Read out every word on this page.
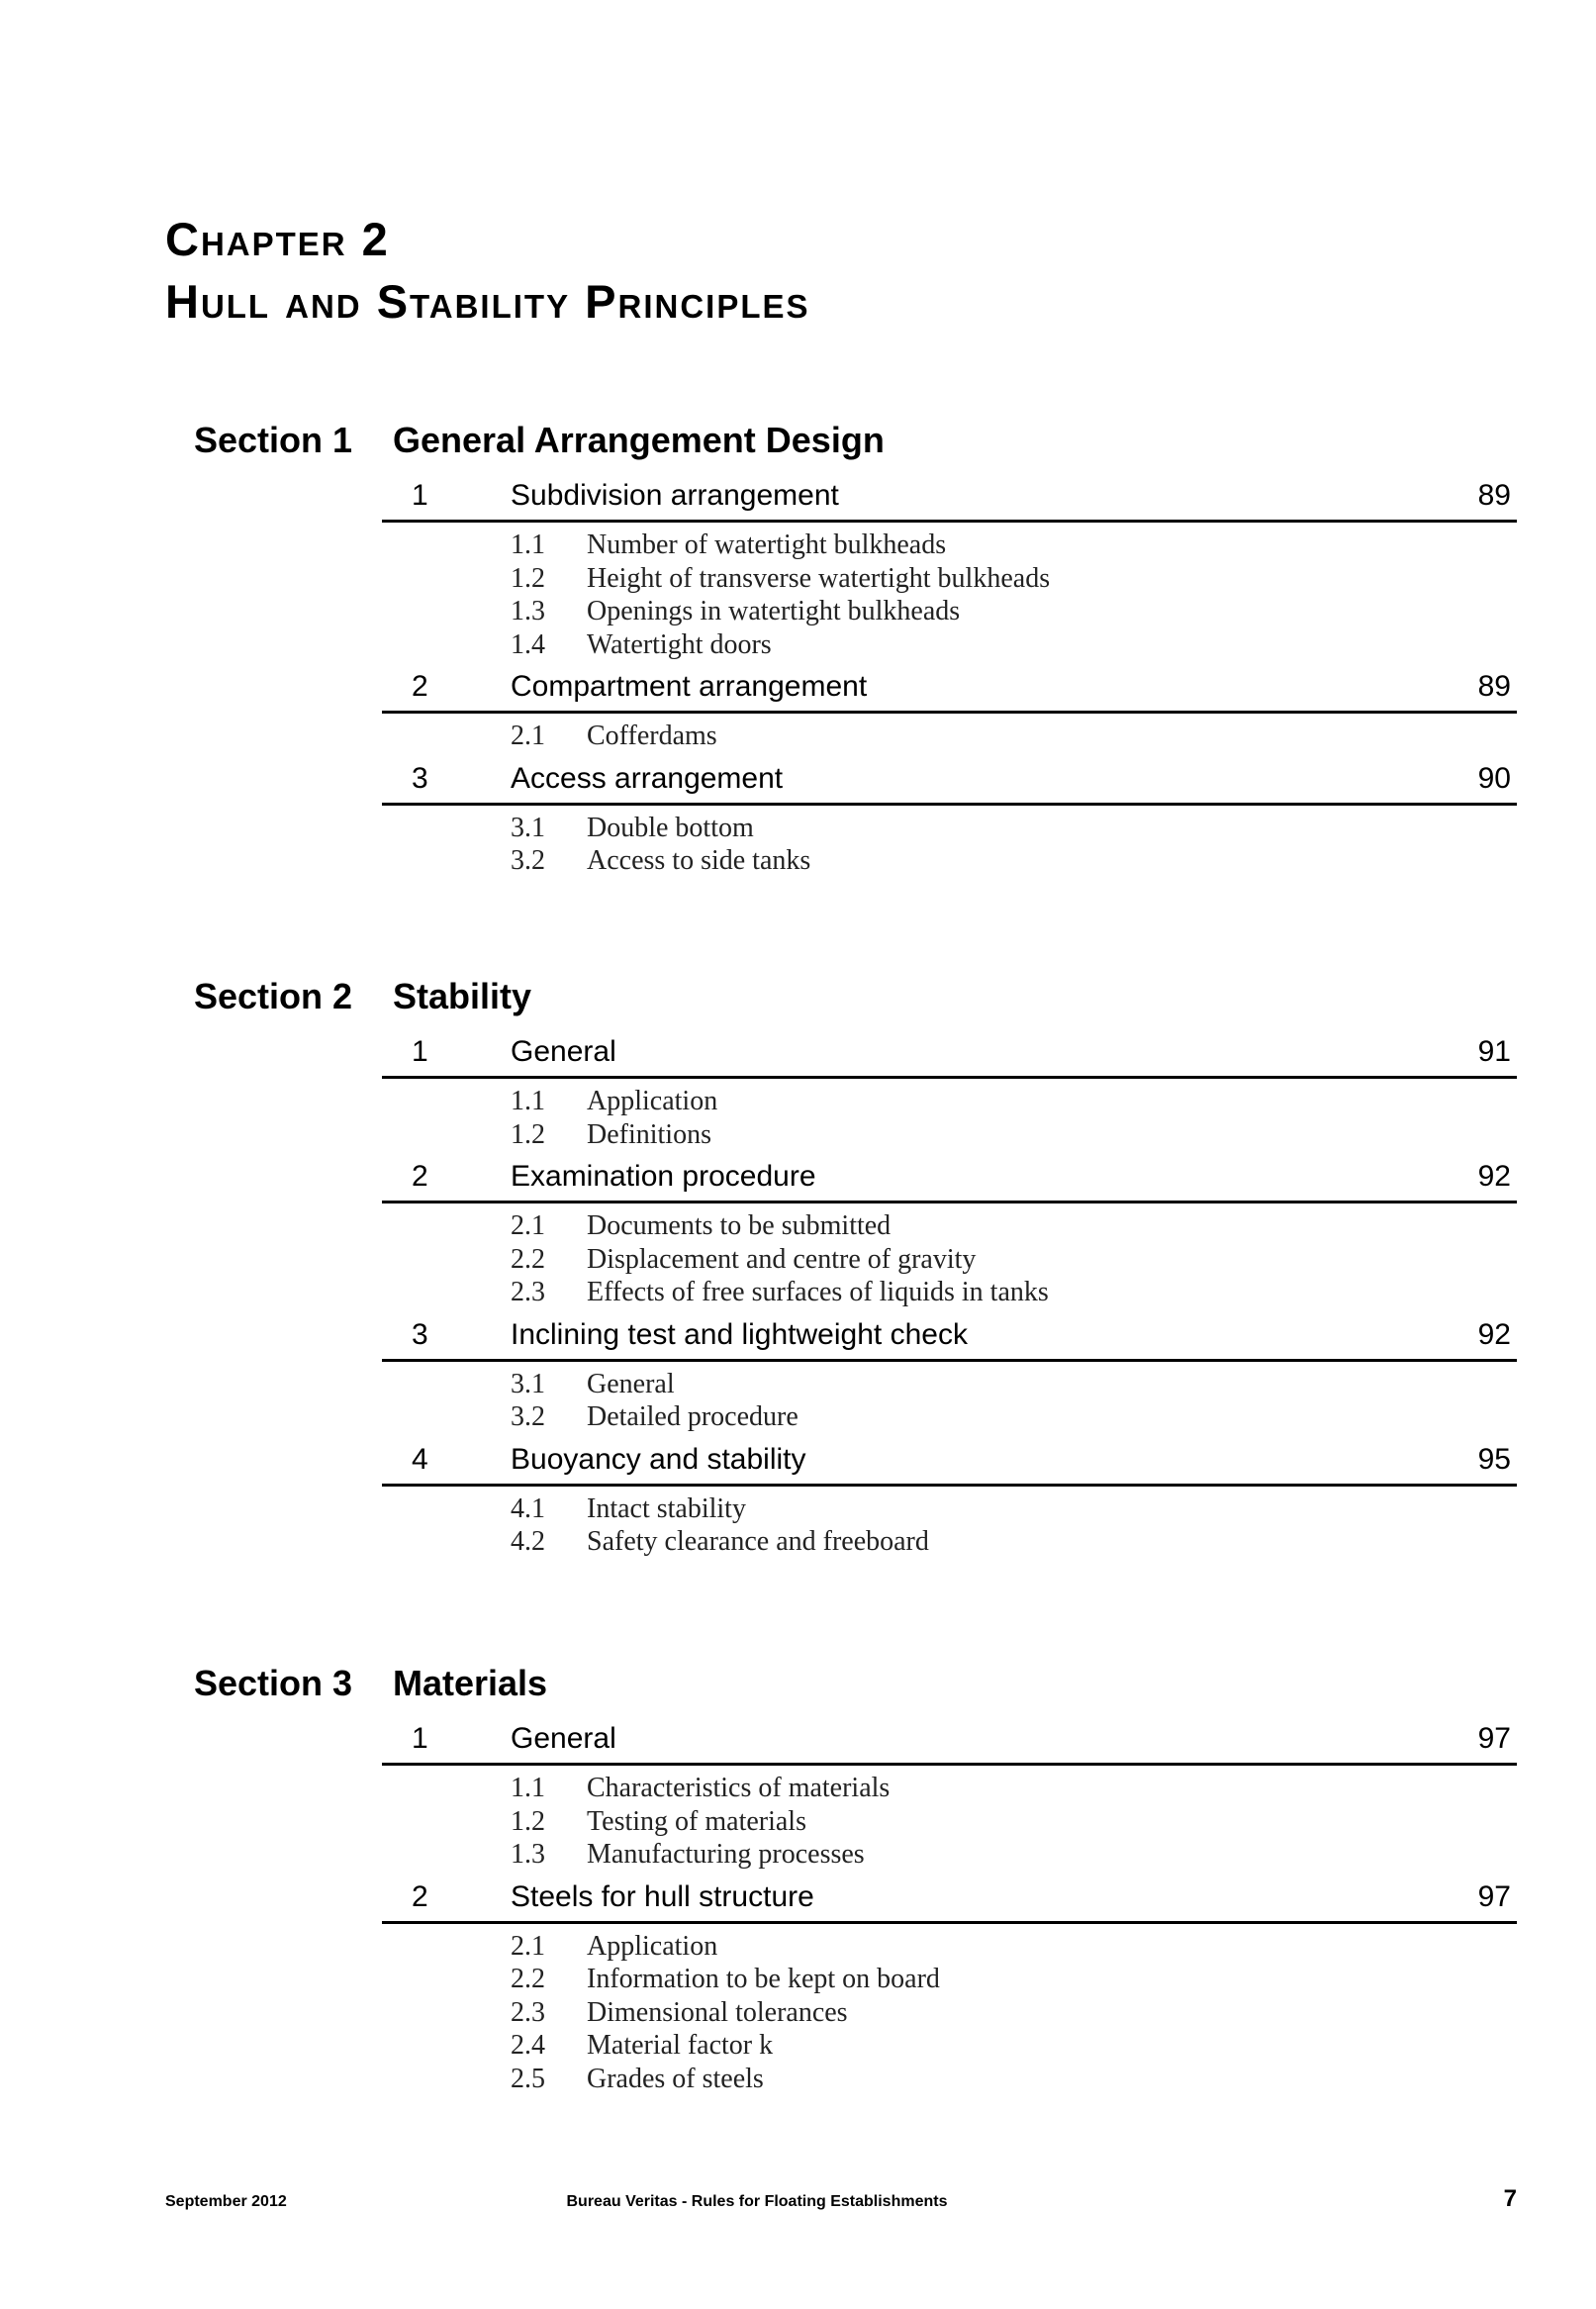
Chapter 2
Hull and Stability Principles
Section 1 General Arrangement Design
1	Subdivision arrangement	89
1.1 Number of watertight bulkheads
1.2 Height of transverse watertight bulkheads
1.3 Openings in watertight bulkheads
1.4 Watertight doors
2	Compartment arrangement	89
2.1 Cofferdams
3	Access arrangement	90
3.1 Double bottom
3.2 Access to side tanks
Section 2 Stability
1	General	91
1.1 Application
1.2 Definitions
2	Examination procedure	92
2.1 Documents to be submitted
2.2 Displacement and centre of gravity
2.3 Effects of free surfaces of liquids in tanks
3	Inclining test and lightweight check	92
3.1 General
3.2 Detailed procedure
4	Buoyancy and stability	95
4.1 Intact stability
4.2 Safety clearance and freeboard
Section 3 Materials
1	General	97
1.1 Characteristics of materials
1.2 Testing of materials
1.3 Manufacturing processes
2	Steels for hull structure	97
2.1 Application
2.2 Information to be kept on board
2.3 Dimensional tolerances
2.4 Material factor k
2.5 Grades of steels
September 2012	Bureau Veritas - Rules for Floating Establishments	7
